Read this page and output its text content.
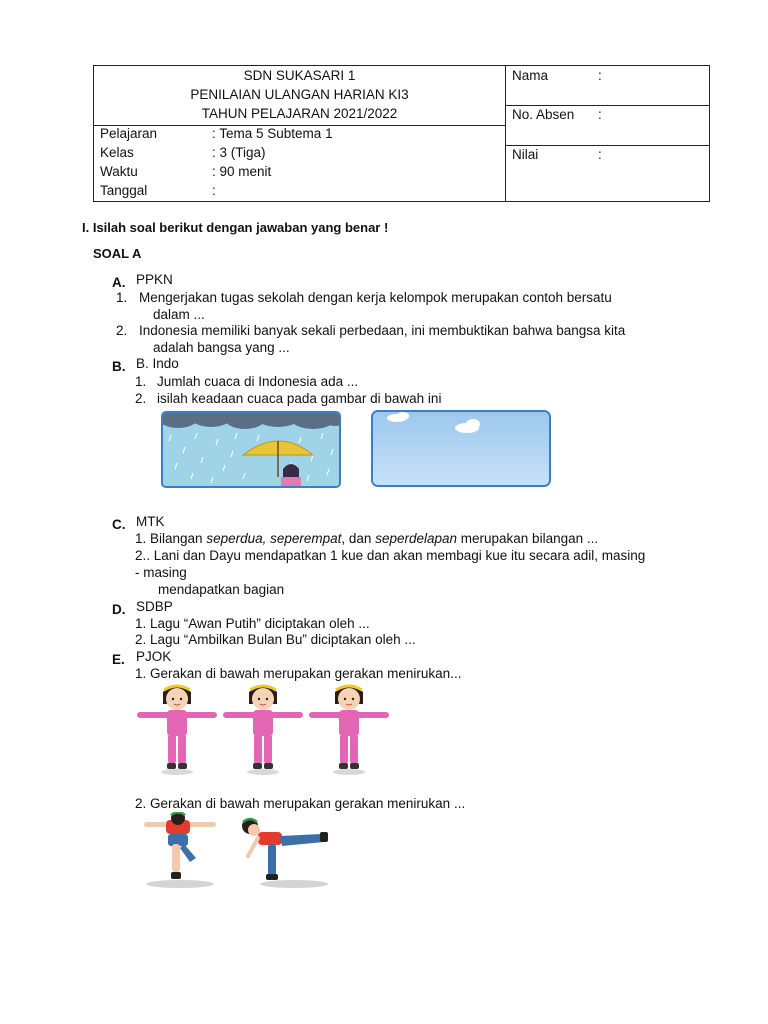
SDN SUKASARI 1
PENILAIAN ULANGAN HARIAN KI3
TAHUN PELAJARAN 2021/2022
Pelajaran	: Tema 5 Subtema 1
Kelas	: 3 (Tiga)
Waktu	: 90 menit
Tanggal	:
Nama	:
No. Absen :
Nilai	:
I. Isilah soal berikut dengan jawaban yang benar !
SOAL A
A. PPKN
1. Mengerjakan tugas sekolah dengan kerja kelompok merupakan contoh bersatu
dalam ...
2. Indonesia memiliki banyak sekali perbedaan, ini membuktikan bahwa bangsa kita
adalah bangsa yang ...
B. B. Indo
1. Jumlah cuaca di Indonesia ada ...
2. isilah keadaan cuaca pada gambar di bawah ini
C. MTK
1. Bilangan seperdua, seperempat, dan seperdelapan merupakan bilangan ...
2.. Lani dan Dayu mendapatkan 1 kue dan akan membagi kue itu secara adil, masing
- masing
mendapatkan bagian
D. SDBP
1. Lagu “Awan Putih” diciptakan oleh ...
2. Lagu “Ambilkan Bulan Bu” diciptakan oleh ...
E. PJOK
1. Gerakan di bawah merupakan gerakan menirukan...
2. Gerakan di bawah merupakan gerakan menirukan ...
